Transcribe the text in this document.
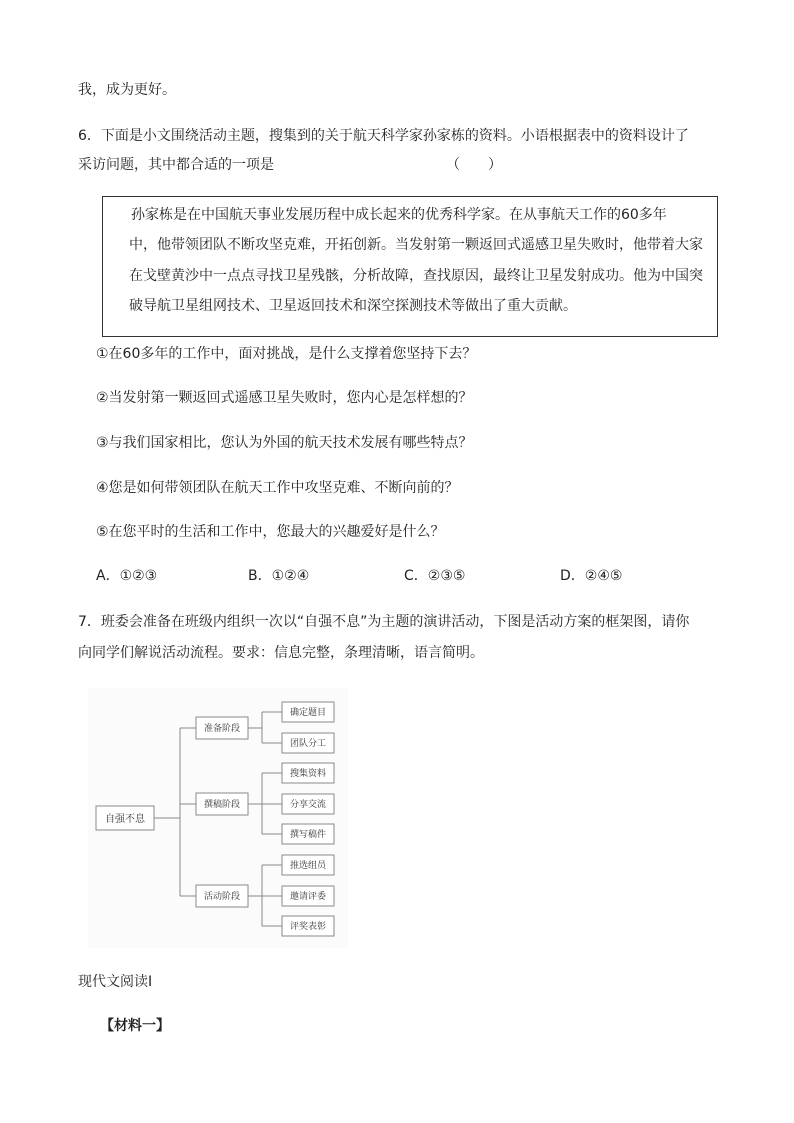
我，成为更好。
6．下面是小文围绕活动主题，搜集到的关于航天科学家孙家栋的资料。小语根据表中的资料设计了
采访问题，其中都合适的一项是	（　　）
孙家栋是在中国航天事业发展历程中成长起来的优秀科学家。在从事航天工作的60多年
中，他带领团队不断攻坚克难，开拓创新。当发射第一颗返回式遥感卫星失败时，他带着大家
在戈壁黄沙中一点点寻找卫星残骸，分析故障，查找原因，最终让卫星发射成功。他为中国突
破导航卫星组网技术、卫星返回技术和深空探测技术等做出了重大贡献。
①在60多年的工作中，面对挑战，是什么支撑着您坚持下去？
②当发射第一颗返回式遥感卫星失败时，您内心是怎样想的？
③与我们国家相比，您认为外国的航天技术发展有哪些特点？
④您是如何带领团队在航天工作中攻坚克难、不断向前的？
⑤在您平时的生活和工作中，您最大的兴趣爱好是什么？
A．①②③	B．①②④	C．②③⑤	D．②④⑤
7．班委会准备在班级内组织一次以“自强不息”为主题的演讲活动，下图是活动方案的框架图，请你
向同学们解说活动流程。要求：信息完整，条理清晰，语言简明。
自强不息
准备阶段
撰稿阶段
活动阶段
确定题目
团队分工
搜集资料
分享交流
撰写稿件
推选组员
邀请评委
评奖表彰
现代文阅读Ⅰ
【材料一】
